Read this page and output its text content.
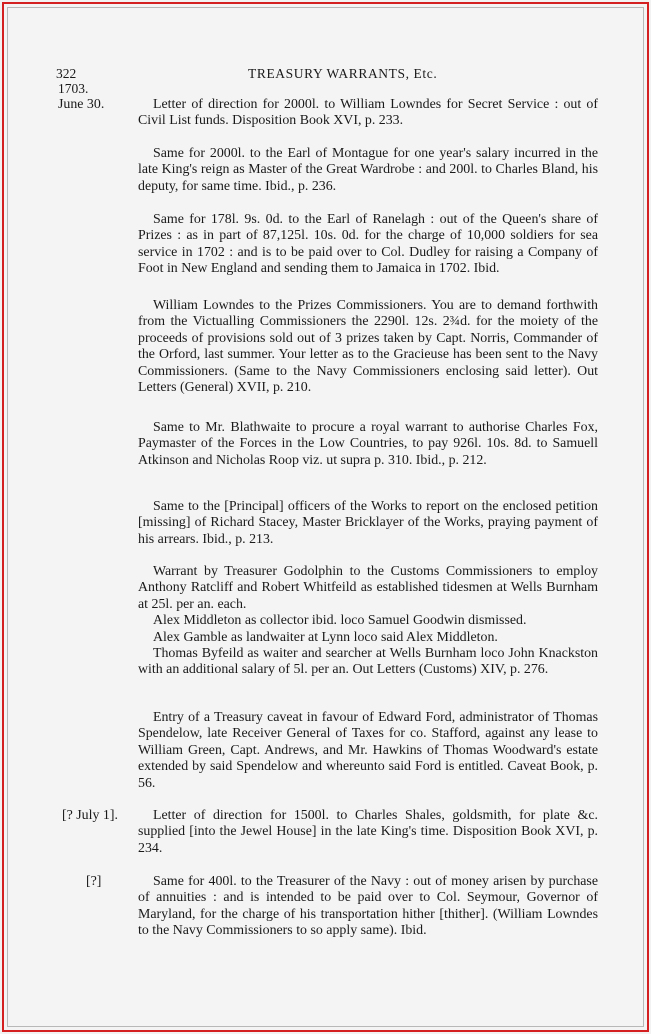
322	TREASURY WARRANTS, Etc.
1703.
June 30.	Letter of direction for 2000l. to William Lowndes for Secret Service : out of Civil List funds. Disposition Book XVI, p. 233.
Same for 2000l. to the Earl of Montague for one year's salary incurred in the late King's reign as Master of the Great Wardrobe : and 200l. to Charles Bland, his deputy, for same time. Ibid., p. 236.
Same for 178l. 9s. 0d. to the Earl of Ranelagh : out of the Queen's share of Prizes : as in part of 87,125l. 10s. 0d. for the charge of 10,000 soldiers for sea service in 1702 : and is to be paid over to Col. Dudley for raising a Company of Foot in New England and sending them to Jamaica in 1702. Ibid.
William Lowndes to the Prizes Commissioners. You are to demand forthwith from the Victualling Commissioners the 2290l. 12s. 2¾d. for the moiety of the proceeds of provisions sold out of 3 prizes taken by Capt. Norris, Commander of the Orford, last summer. Your letter as to the Gracieuse has been sent to the Navy Commissioners. (Same to the Navy Commissioners enclosing said letter). Out Letters (General) XVII, p. 210.
Same to Mr. Blathwaite to procure a royal warrant to authorise Charles Fox, Paymaster of the Forces in the Low Countries, to pay 926l. 10s. 8d. to Samuell Atkinson and Nicholas Roop viz. ut supra p. 310. Ibid., p. 212.
Same to the [Principal] officers of the Works to report on the enclosed petition [missing] of Richard Stacey, Master Bricklayer of the Works, praying payment of his arrears. Ibid., p. 213.
Warrant by Treasurer Godolphin to the Customs Commissioners to employ Anthony Ratcliff and Robert Whitfeild as established tidesmen at Wells Burnham at 25l. per an. each.
Alex Middleton as collector ibid. loco Samuel Goodwin dismissed.
Alex Gamble as landwaiter at Lynn loco said Alex Middleton.
Thomas Byfeild as waiter and searcher at Wells Burnham loco John Knackston with an additional salary of 5l. per an. Out Letters (Customs) XIV, p. 276.
Entry of a Treasury caveat in favour of Edward Ford, administrator of Thomas Spendelow, late Receiver General of Taxes for co. Stafford, against any lease to William Green, Capt. Andrews, and Mr. Hawkins of Thomas Woodward's estate extended by said Spendelow and whereunto said Ford is entitled. Caveat Book, p. 56.
[? July 1].	Letter of direction for 1500l. to Charles Shales, goldsmith, for plate &c. supplied [into the Jewel House] in the late King's time. Disposition Book XVI, p. 234.
[?]	Same for 400l. to the Treasurer of the Navy : out of money arisen by purchase of annuities : and is intended to be paid over to Col. Seymour, Governor of Maryland, for the charge of his transportation hither [thither]. (William Lowndes to the Navy Commissioners to so apply same). Ibid.
